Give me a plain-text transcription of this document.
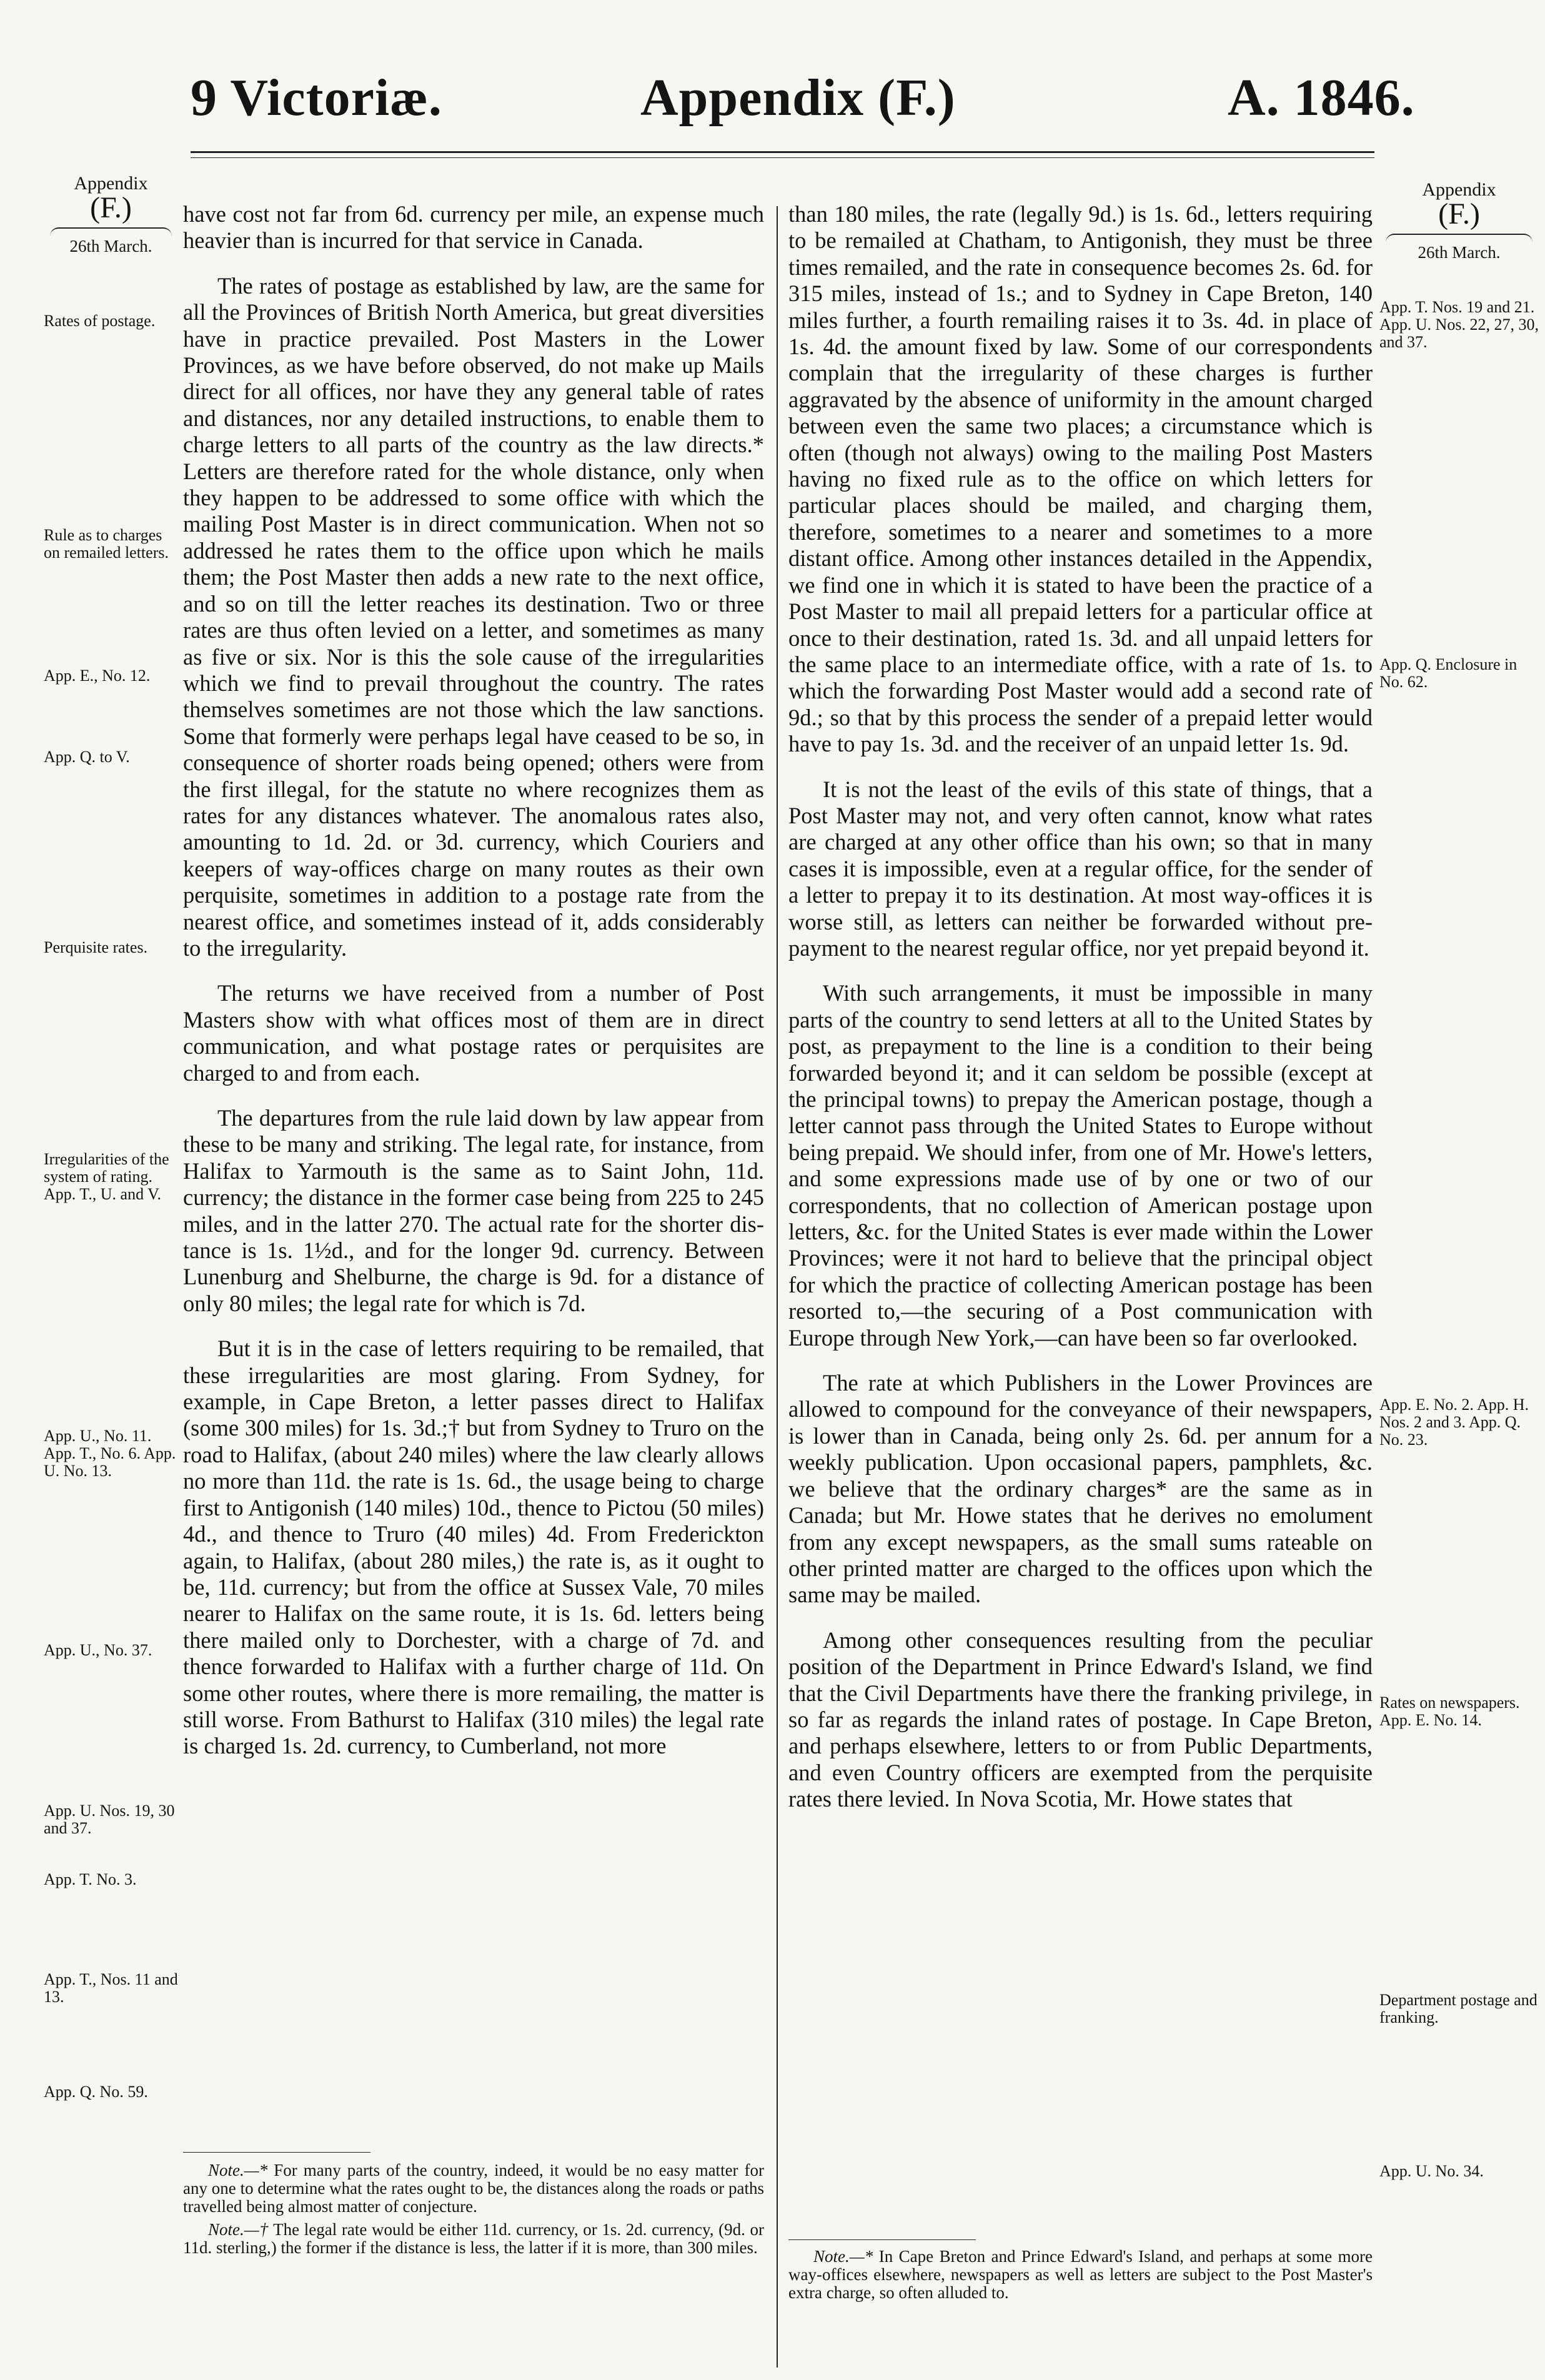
9 Victoriæ.	Appendix (F.)	A. 1846.
Appendix
(F.)
26th March.
Rates of postage.
Rule as to charges on remailed letters.
App. E., No. 12.
App. Q. to V.
Perquisite rates.
Irregularities of the system of rating. App. T., U. and V.
App. U., No. 11. App. T., No. 6. App. U. No. 13.
App. U., No. 37.
App. U. Nos. 19, 30 and 37.
App. T. No. 3.
App. T., Nos. 11 and 13.
App. Q. No. 59.
Appendix
(F.)
26th March.
App. T. Nos. 19 and 21. App. U. Nos. 22, 27, 30, and 37.
App. Q. Enclosure in No. 62.
App. E. No. 2. App. H. Nos. 2 and 3. App. Q. No. 23.
Rates on newspapers. App. E. No. 14.
Department postage and franking.
App. U. No. 34.

have cost not far from 6d. currency per mile, an expense much heavier than is incurred for that service in Canada.

The rates of postage as established by law, are the same for all the Provinces of British North America, but great diversities have in practice prevailed. Post Masters in the Lower Provinces, as we have before observed, do not make up Mails direct for all offices, nor have they any general table of rates and distances, nor any detailed instructions, to enable them to charge letters to all parts of the country as the law directs.* Letters are therefore rated for the whole distance, only when they happen to be addressed to some office with which the mailing Post Master is in direct communication. When not so addressed he rates them to the office upon which he mails them; the Post Master then adds a new rate to the next office, and so on till the letter reaches its destination. Two or three rates are thus often levied on a letter, and sometimes as many as five or six. Nor is this the sole cause of the irregularities which we find to prevail throughout the country. The rates themselves sometimes are not those which the law sanctions. Some that formerly were perhaps legal have ceased to be so, in consequence of shorter roads being opened; others were from the first illegal, for the statute no where recognizes them as rates for any distances whatever. The anomalous rates also, amounting to 1d. 2d. or 3d. currency, which Couriers and keepers of way-offices charge on many routes as their own perquisite, sometimes in addition to a postage rate from the nearest office, and sometimes instead of it, adds considerably to the irregularity.

The returns we have received from a number of Post Masters show with what offices most of them are in direct communication, and what postage rates or perquisites are charged to and from each.

The departures from the rule laid down by law appear from these to be many and striking. The legal rate, for instance, from Halifax to Yarmouth is the same as to Saint John, 11d. currency; the distance in the former case being from 225 to 245 miles, and in the latter 270. The actual rate for the shorter distance is 1s. 1½d., and for the longer 9d. currency. Between Lunenburg and Shelburne, the charge is 9d. for a distance of only 80 miles; the legal rate for which is 7d.

But it is in the case of letters requiring to be remailed, that these irregularities are most glaring. From Sydney, for example, in Cape Breton, a letter passes direct to Halifax (some 300 miles) for 1s. 3d.;† but from Sydney to Truro on the road to Halifax, (about 240 miles) where the law clearly allows no more than 11d. the rate is 1s. 6d., the usage being to charge first to Antigonish (140 miles) 10d., thence to Pictou (50 miles) 4d., and thence to Truro (40 miles) 4d. From Frederickton again, to Halifax, (about 280 miles,) the rate is, as it ought to be, 11d. currency; but from the office at Sussex Vale, 70 miles nearer to Halifax on the same route, it is 1s. 6d. letters being there mailed only to Dorchester, with a charge of 7d. and thence forwarded to Halifax with a further charge of 11d. On some other routes, where there is more remailing, the matter is still worse. From Bathurst to Halifax (310 miles) the legal rate is charged 1s. 2d. currency, to Cumberland, not more

than 180 miles, the rate (legally 9d.) is 1s. 6d., letters requiring to be remailed at Chatham, to Antigonish, they must be three times remailed, and the rate in consequence becomes 2s. 6d. for 315 miles, instead of 1s.; and to Sydney in Cape Breton, 140 miles further, a fourth remailing raises it to 3s. 4d. in place of 1s. 4d. the amount fixed by law. Some of our correspondents complain that the irregularity of these charges is further aggravated by the absence of uniformity in the amount charged between even the same two places; a circumstance which is often (though not always) owing to the mailing Post Masters having no fixed rule as to the office on which letters for particular places should be mailed, and charging them, therefore, sometimes to a nearer and sometimes to a more distant office. Among other instances detailed in the Appendix, we find one in which it is stated to have been the practice of a Post Master to mail all prepaid letters for a particular office at once to their destination, rated 1s. 3d. and all unpaid letters for the same place to an intermediate office, with a rate of 1s. to which the forwarding Post Master would add a second rate of 9d.; so that by this process the sender of a prepaid letter would have to pay 1s. 3d. and the receiver of an unpaid letter 1s. 9d.

It is not the least of the evils of this state of things, that a Post Master may not, and very often cannot, know what rates are charged at any other office than his own; so that in many cases it is impossible, even at a regular office, for the sender of a letter to prepay it to its destination. At most way-offices it is worse still, as letters can neither be forwarded without prepayment to the nearest regular office, nor yet prepaid beyond it.

With such arrangements, it must be impossible in many parts of the country to send letters at all to the United States by post, as prepayment to the line is a condition to their being forwarded beyond it; and it can seldom be possible (except at the principal towns) to prepay the American postage, though a letter cannot pass through the United States to Europe without being prepaid. We should infer, from one of Mr. Howe's letters, and some expressions made use of by one or two of our correspondents, that no collection of American postage upon letters, &c. for the United States is ever made within the Lower Provinces; were it not hard to believe that the principal object for which the practice of collecting American postage has been resorted to,—the securing of a Post communication with Europe through New York,—can have been so far overlooked.

The rate at which Publishers in the Lower Provinces are allowed to compound for the conveyance of their newspapers, is lower than in Canada, being only 2s. 6d. per annum for a weekly publication. Upon occasional papers, pamphlets, &c. we believe that the ordinary charges* are the same as in Canada; but Mr. Howe states that he derives no emolument from any except newspapers, as the small sums rateable on other printed matter are charged to the offices upon which the same may be mailed.

Among other consequences resulting from the peculiar position of the Department in Prince Edward's Island, we find that the Civil Departments have there the franking privilege, in so far as regards the inland rates of postage. In Cape Breton, and perhaps elsewhere, letters to or from Public Departments, and even Country officers are exempted from the perquisite rates there levied. In Nova Scotia, Mr. Howe states that

Note.—* For many parts of the country, indeed, it would be no easy matter for any one to determine what the rates ought to be, the distances along the roads or paths travelled being almost matter of conjecture.

Note.—† The legal rate would be either 11d. currency, or 1s. 2d. currency, (9d. or 11d. sterling,) the former if the distance is less, the latter if it is more, than 300 miles.	Note.—* In Cape Breton and Prince Edward's Island, and perhaps at some more way-offices elsewhere, newspapers as well as letters are subject to the Post Master's extra charge, so often alluded to.
